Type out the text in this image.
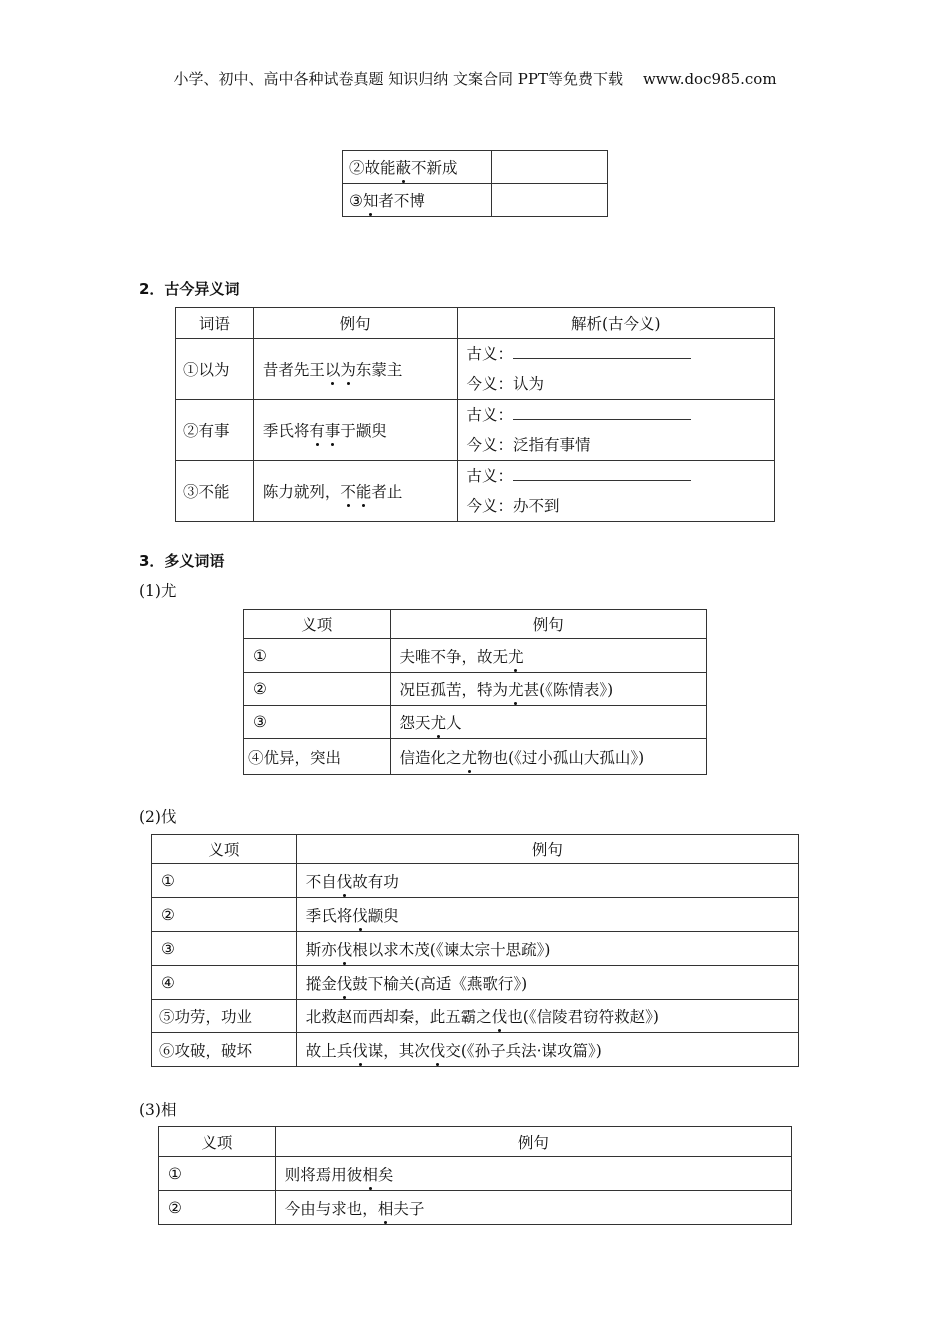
小学、初中、高中各种试卷真题 知识归纳 文案合同 PPT等免费下载 www.doc985.com
②故能蔽不新成	
③知者不博	
2．古今异义词
词语	例句	解析(古今义)
①以为	昔者先王以为东蒙主	古义：
今义：认为

②有事	季氏将有事于颛臾	古义：
今义：泛指有事情

③不能	陈力就列，不能者止	古义：
今义：办不到
3．多义词语
(1)尤
义项	例句
①	夫唯不争，故无尤
②	况臣孤苦，特为尤甚(《陈情表》)
③	怨天尤人
④优异，突出	信造化之尤物也(《过小孤山大孤山》)
(2)伐
义项	例句
①	不自伐故有功
②	季氏将伐颛臾
③	斯亦伐根以求木茂(《谏太宗十思疏》)
④	摐金伐鼓下榆关(高适《燕歌行》)
⑤功劳，功业	北救赵而西却秦，此五霸之伐也(《信陵君窃符救赵》)
⑥攻破，破坏	故上兵伐谋，其次伐交(《孙子兵法·谋攻篇》)
(3)相
义项	例句
①	则将焉用彼相矣
②	今由与求也，相夫子
